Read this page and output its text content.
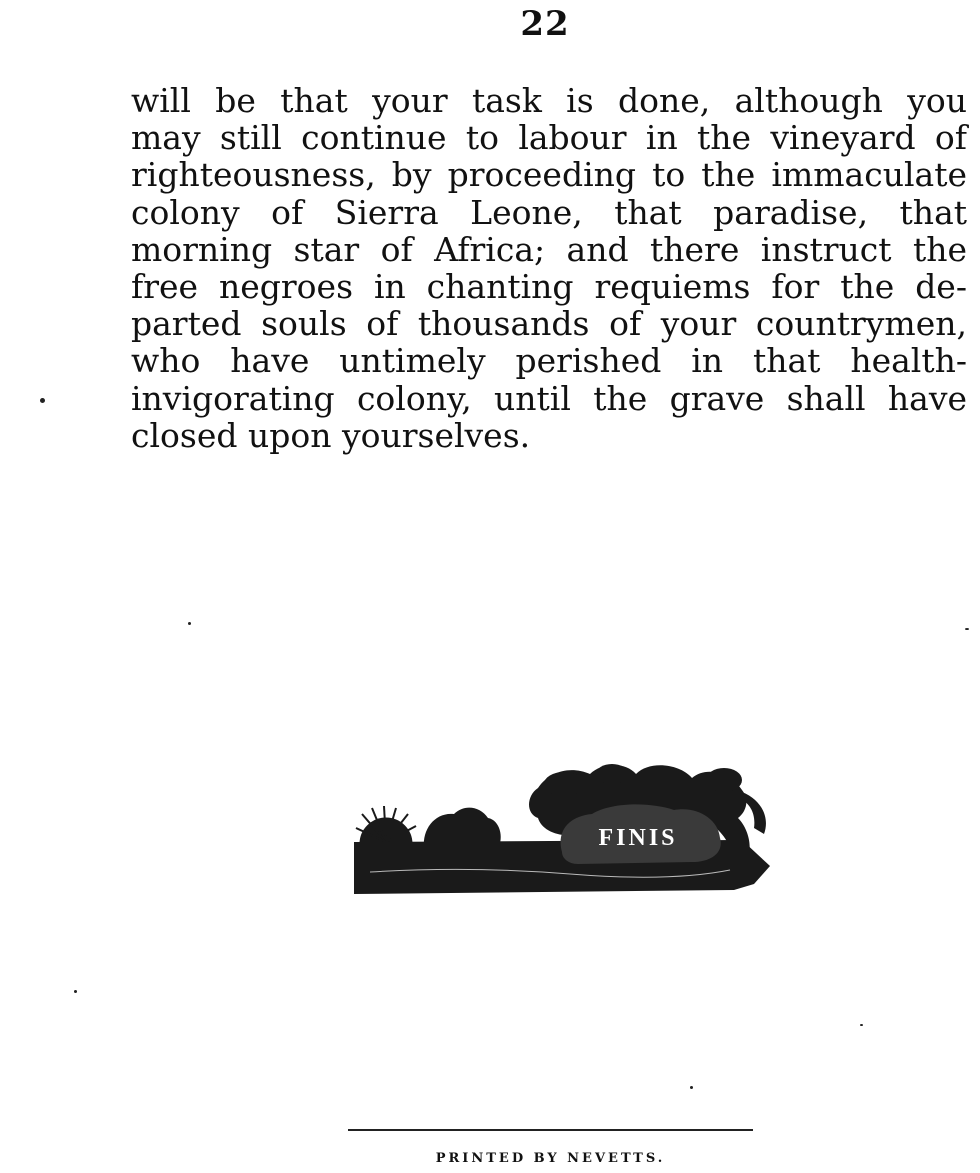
22
will be that your task is done, although you
may still continue to labour in the vineyard of
righteousness, by proceeding to the immaculate
colony of Sierra Leone, that paradise, that
morning star of Africa; and there instruct the
free negroes in chanting requiems for the de-
parted souls of thousands of your countrymen,
who have untimely perished in that health-
invigorating colony, until the grave shall have
closed upon yourselves.
FINIS
PRINTED BY NEVETTS.
